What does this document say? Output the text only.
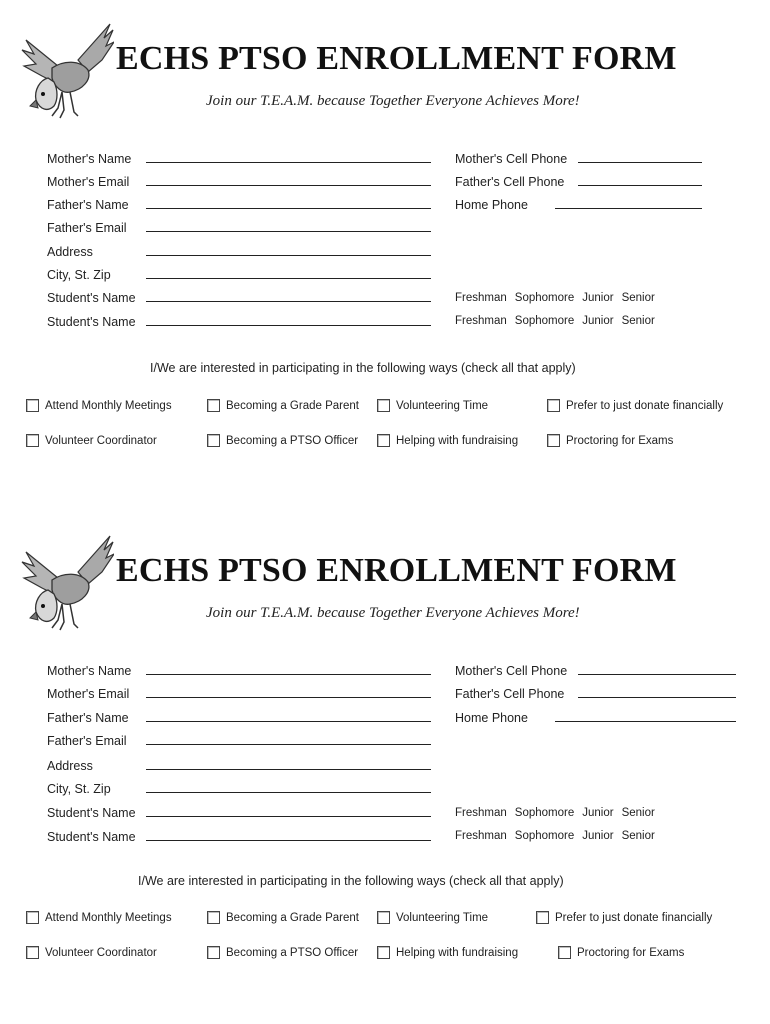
ECHS PTSO ENROLLMENT FORM
Join our T.E.A.M. because Together Everyone Achieves More!
Mother's Name
Mother's Email
Father's Name
Father's Email
Address
City, St. Zip
Student's Name
Student's Name
Mother's Cell Phone
Father's Cell Phone
Home Phone
Freshman Sophomore Junior Senior
Freshman Sophomore Junior Senior
I/We are interested in participating in the following ways (check all that apply)
Attend Monthly Meetings	Becoming a Grade Parent	Volunteering Time	Prefer to just donate financially
Volunteer Coordinator	Becoming a PTSO Officer	Helping with fundraising	Proctoring for Exams
ECHS PTSO ENROLLMENT FORM
Join our T.E.A.M. because Together Everyone Achieves More!
Mother's Name
Mother's Email
Father's Name
Father's Email
Address
City, St. Zip
Student's Name
Student's Name
Mother's Cell Phone
Father's Cell Phone
Home Phone
Freshman Sophomore Junior Senior
Freshman Sophomore Junior Senior
I/We are interested in participating in the following ways (check all that apply)
Attend Monthly Meetings	Becoming a Grade Parent	Volunteering Time	Prefer to just donate financially
Volunteer Coordinator	Becoming a PTSO Officer	Helping with fundraising	Proctoring for Exams
